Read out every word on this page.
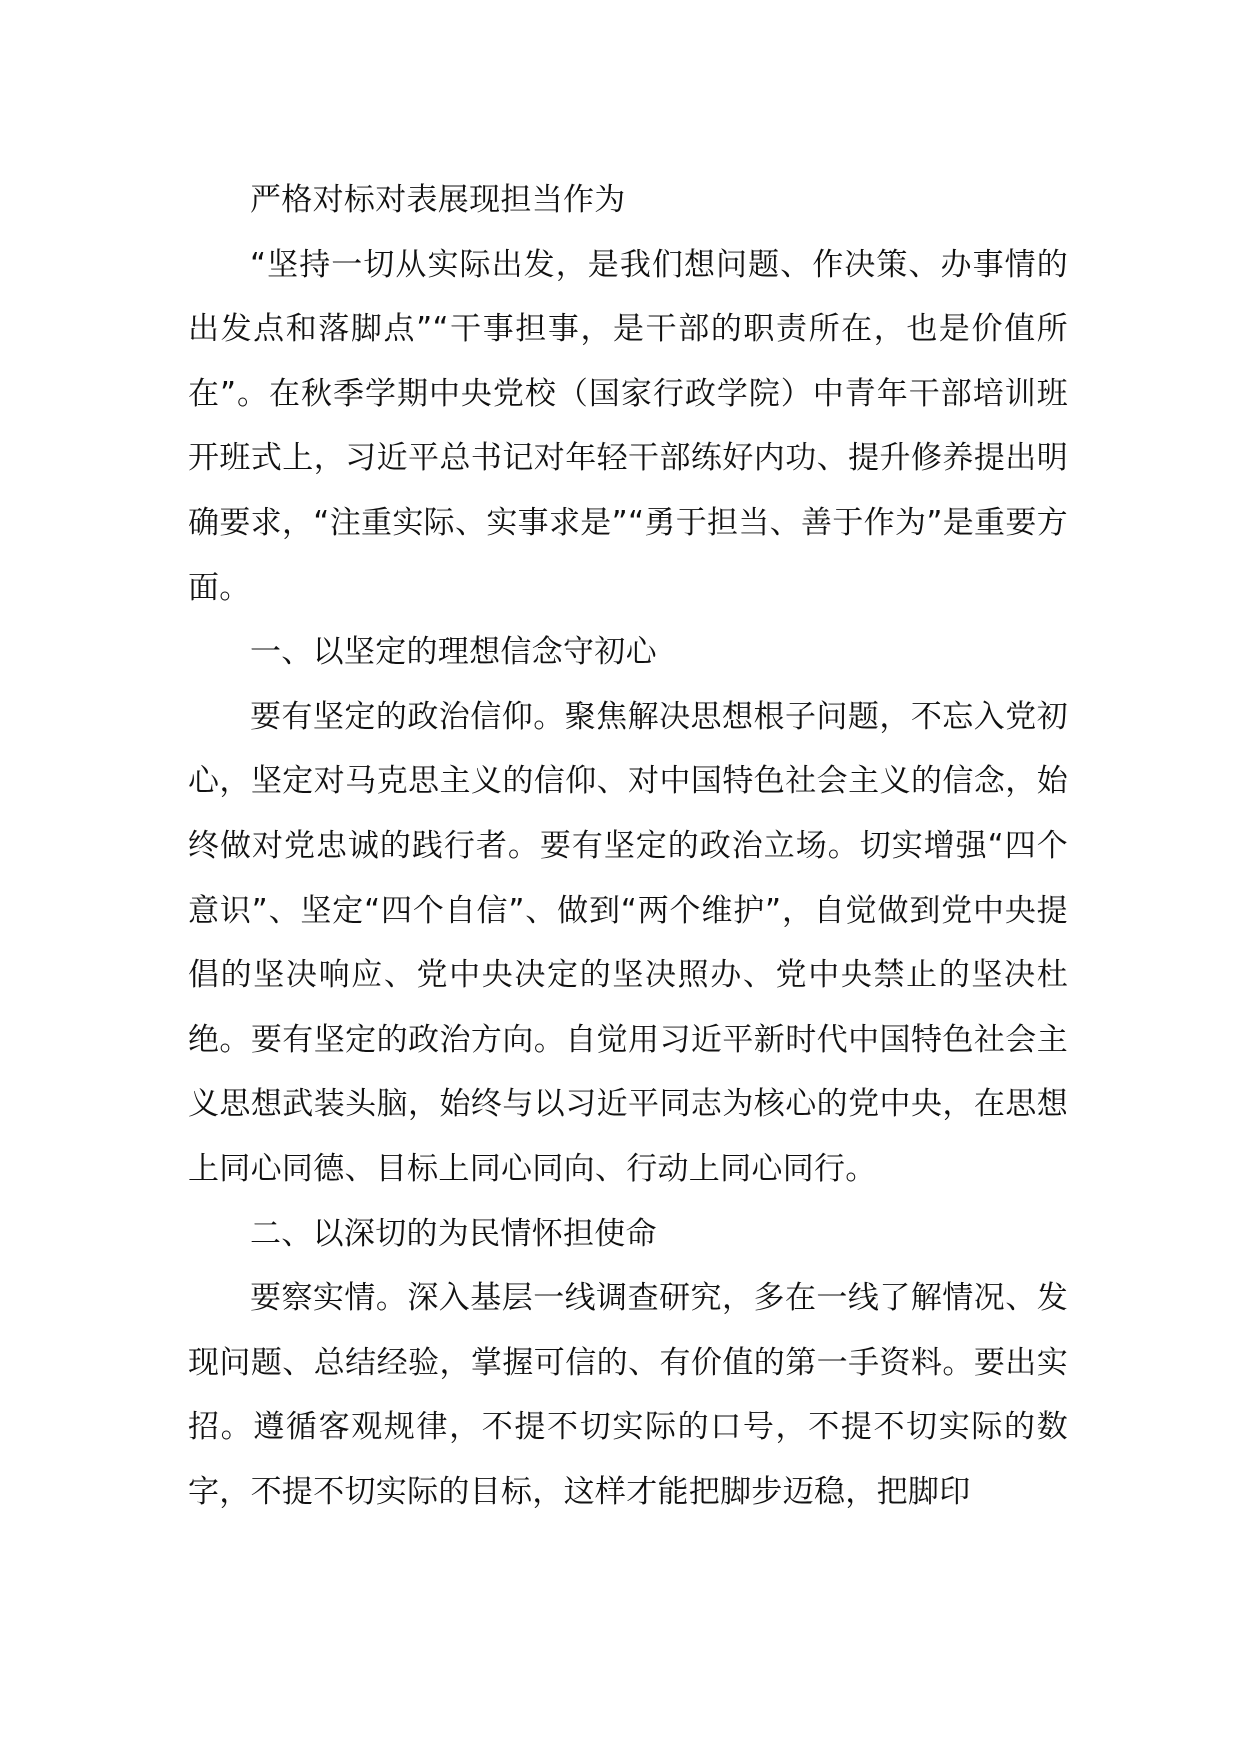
严格对标对表展现担当作为

“坚持一切从实际出发，是我们想问题、作决策、办事情的出发点和落脚点”“干事担事，是干部的职责所在，也是价值所在”。在秋季学期中央党校（国家行政学院）中青年干部培训班开班式上，习近平总书记对年轻干部练好内功、提升修养提出明确要求，“注重实际、实事求是”“勇于担当、善于作为”是重要方面。

一、以坚定的理想信念守初心

要有坚定的政治信仰。聚焦解决思想根子问题，不忘入党初心，坚定对马克思主义的信仰、对中国特色社会主义的信念，始终做对党忠诚的践行者。要有坚定的政治立场。切实增强“四个意识”、坚定“四个自信”、做到“两个维护”，自觉做到党中央提倡的坚决响应、党中央决定的坚决照办、党中央禁止的坚决杜绝。要有坚定的政治方向。自觉用习近平新时代中国特色社会主义思想武装头脑，始终与以习近平同志为核心的党中央，在思想上同心同德、目标上同心同向、行动上同心同行。

二、以深切的为民情怀担使命

要察实情。深入基层一线调查研究，多在一线了解情况、发现问题、总结经验，掌握可信的、有价值的第一手资料。要出实招。遵循客观规律，不提不切实际的口号，不提不切实际的数字，不提不切实际的目标，这样才能把脚步迈稳，把脚印
